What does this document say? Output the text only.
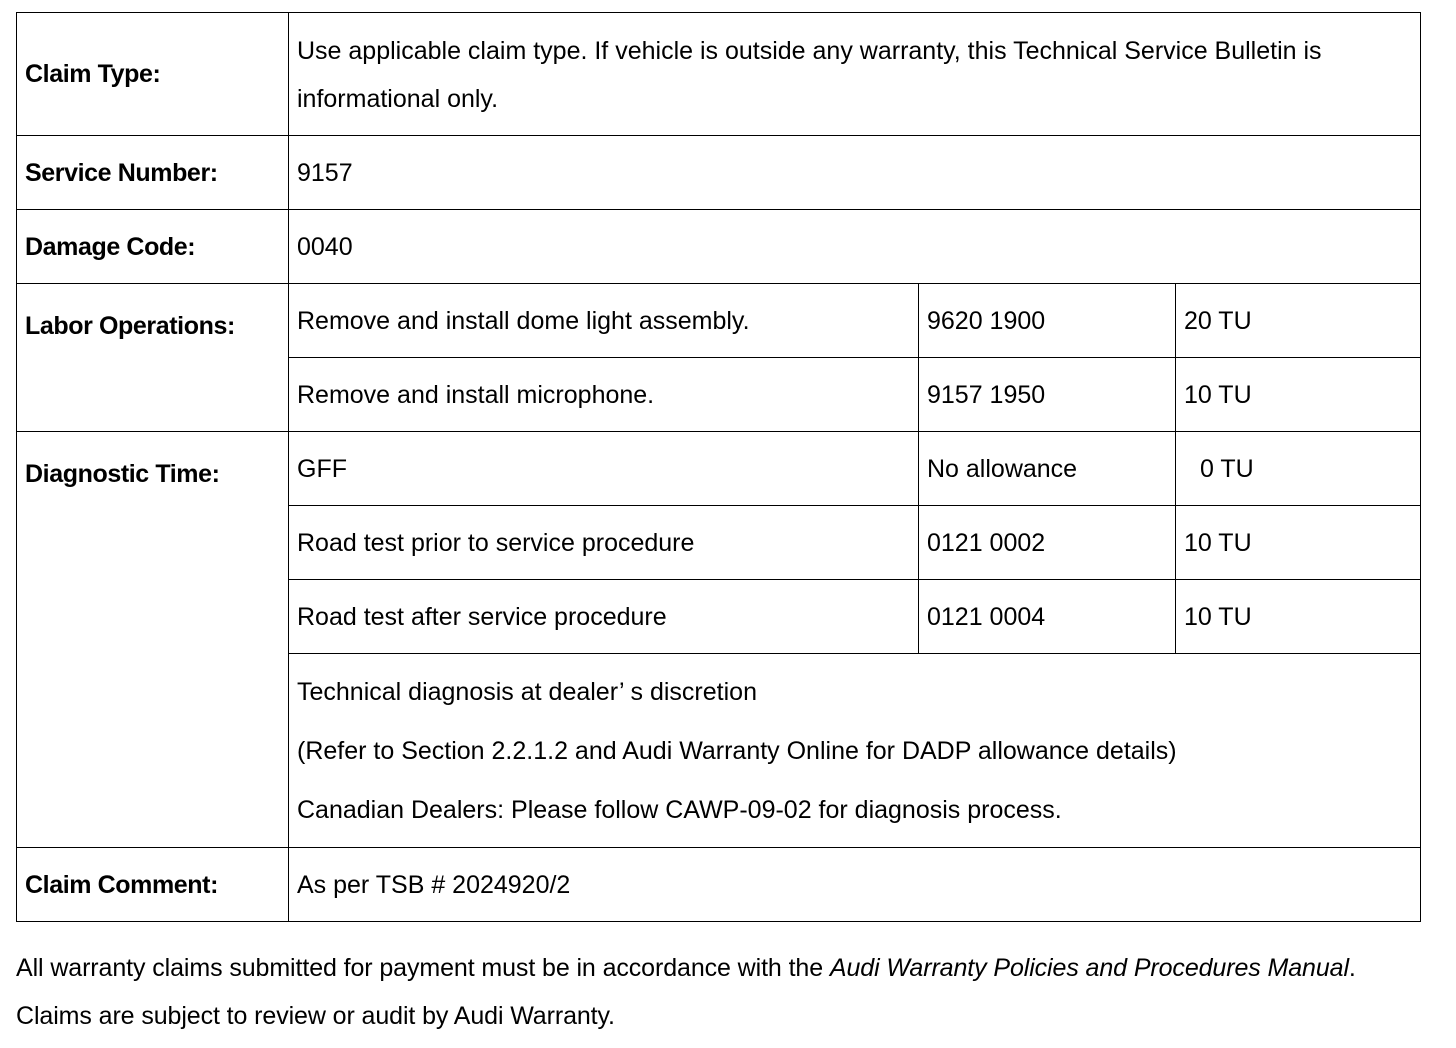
Claim Type:	Use applicable claim type. If vehicle is outside any warranty, this Technical Service Bulletin is informational only.		

Service Number:	9157		
Damage Code:	0040		
Labor Operations:	Remove and install dome light assembly.	9620 1900	20 TU
	Remove and install microphone.	9157 1950	10 TU
Diagnostic Time:	GFF	No allowance	0 TU
	Road test prior to service procedure	0121 0002	10 TU
	Road test after service procedure	0121 0004	10 TU

	Technical diagnosis at dealer’ s discretion
(Refer to Section 2.2.1.2 and Audi Warranty Online for DADP allowance details)
Canadian Dealers: Please follow CAWP-09-02 for diagnosis process.		

Claim Comment:	As per TSB # 2024920/2		

All warranty claims submitted for payment must be in accordance with the Audi Warranty Policies and Procedures Manual. Claims are subject to review or audit by Audi Warranty.
